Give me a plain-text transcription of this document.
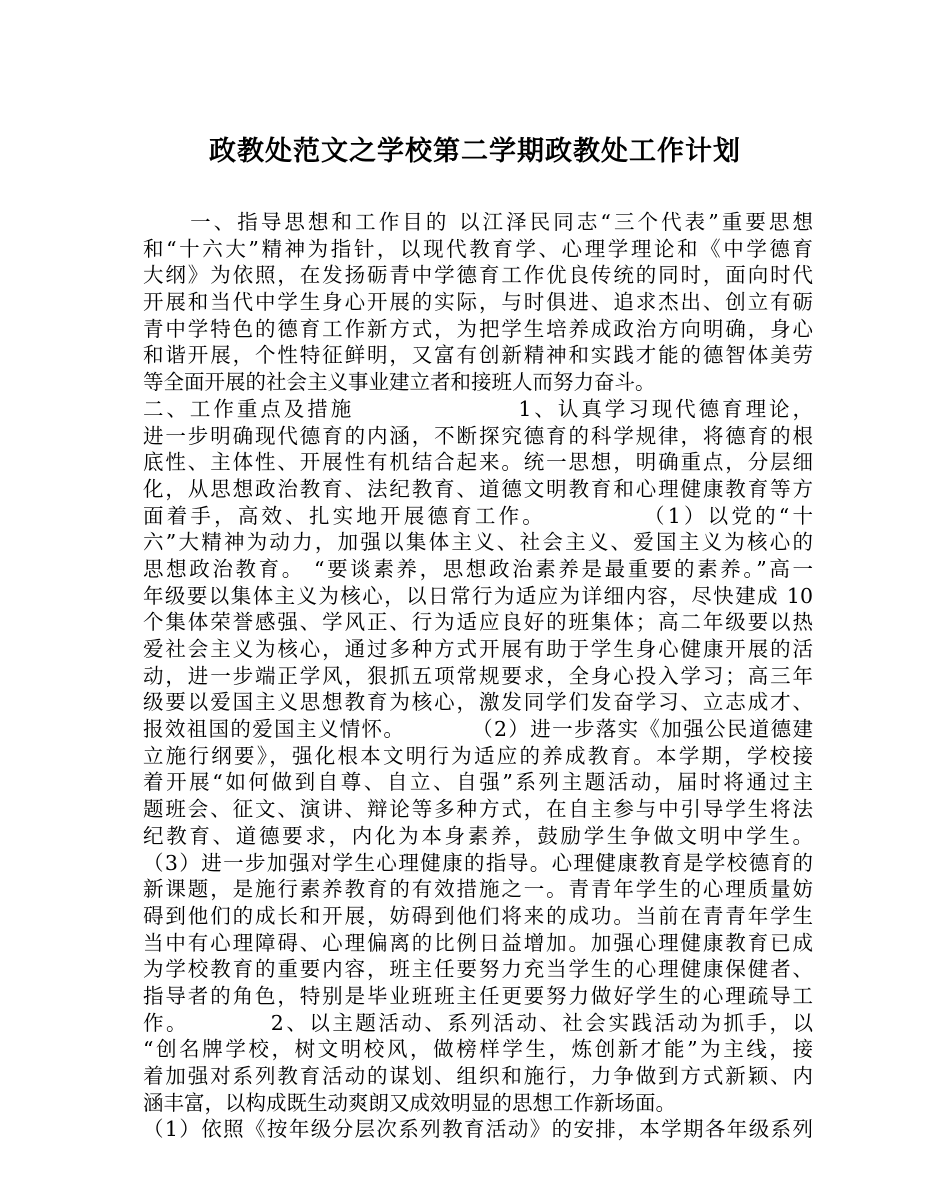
政教处范文之学校第二学期政教处工作计划
　　一、指导思想和工作目的 以江泽民同志“三个代表”重要思想
和“十六大”精神为指针，以现代教育学、心理学理论和《中学德育
大纲》为依照，在发扬砺青中学德育工作优良传统的同时，面向时代
开展和当代中学生身心开展的实际，与时俱进、追求杰出、创立有砺
青中学特色的德育工作新方式，为把学生培养成政治方向明确，身心
和谐开展，个性特征鲜明，又富有创新精神和实践才能的德智体美劳
等全面开展的社会主义事业建立者和接班人而努力奋斗。
二、工作重点及措施　　　　　　　1、认真学习现代德育理论，
进一步明确现代德育的内涵，不断探究德育的科学规律，将德育的根
底性、主体性、开展性有机结合起来。统一思想，明确重点，分层细
化，从思想政治教育、法纪教育、道德文明教育和心理健康教育等方
面着手，高效、扎实地开展德育工作。　　　　　（1）以党的“十
六”大精神为动力，加强以集体主义、社会主义、爱国主义为核心的
思想政治教育。 “要谈素养，思想政治素养是最重要的素养。”高一
年级要以集体主义为核心，以日常行为适应为详细内容，尽快建成 10
个集体荣誉感强、学风正、行为适应良好的班集体；高二年级要以热
爱社会主义为核心，通过多种方式开展有助于学生身心健康开展的活
动，进一步端正学风，狠抓五项常规要求，全身心投入学习；高三年
级要以爱国主义思想教育为核心，激发同学们发奋学习、立志成才、
报效祖国的爱国主义情怀。　　　　（2）进一步落实《加强公民道德建
立施行纲要》，强化根本文明行为适应的养成教育。本学期，学校接
着开展“如何做到自尊、自立、自强”系列主题活动，届时将通过主
题班会、征文、演讲、辩论等多种方式，在自主参与中引导学生将法
纪教育、道德要求，内化为本身素养，鼓励学生争做文明中学生。
（3）进一步加强对学生心理健康的指导。心理健康教育是学校德育的
新课题，是施行素养教育的有效措施之一。青青年学生的心理质量妨
碍到他们的成长和开展，妨碍到他们将来的成功。当前在青青年学生
当中有心理障碍、心理偏离的比例日益增加。加强心理健康教育已成
为学校教育的重要内容，班主任要努力充当学生的心理健康保健者、
指导者的角色，特别是毕业班班主任更要努力做好学生的心理疏导工
作。　　　　2、以主题活动、系列活动、社会实践活动为抓手，以
“创名牌学校，树文明校风，做榜样学生，炼创新才能”为主线，接
着加强对系列教育活动的谋划、组织和施行，力争做到方式新颖、内
涵丰富，以构成既生动爽朗又成效明显的思想工作新场面。
（1）依照《按年级分层次系列教育活动》的安排，本学期各年级系列
